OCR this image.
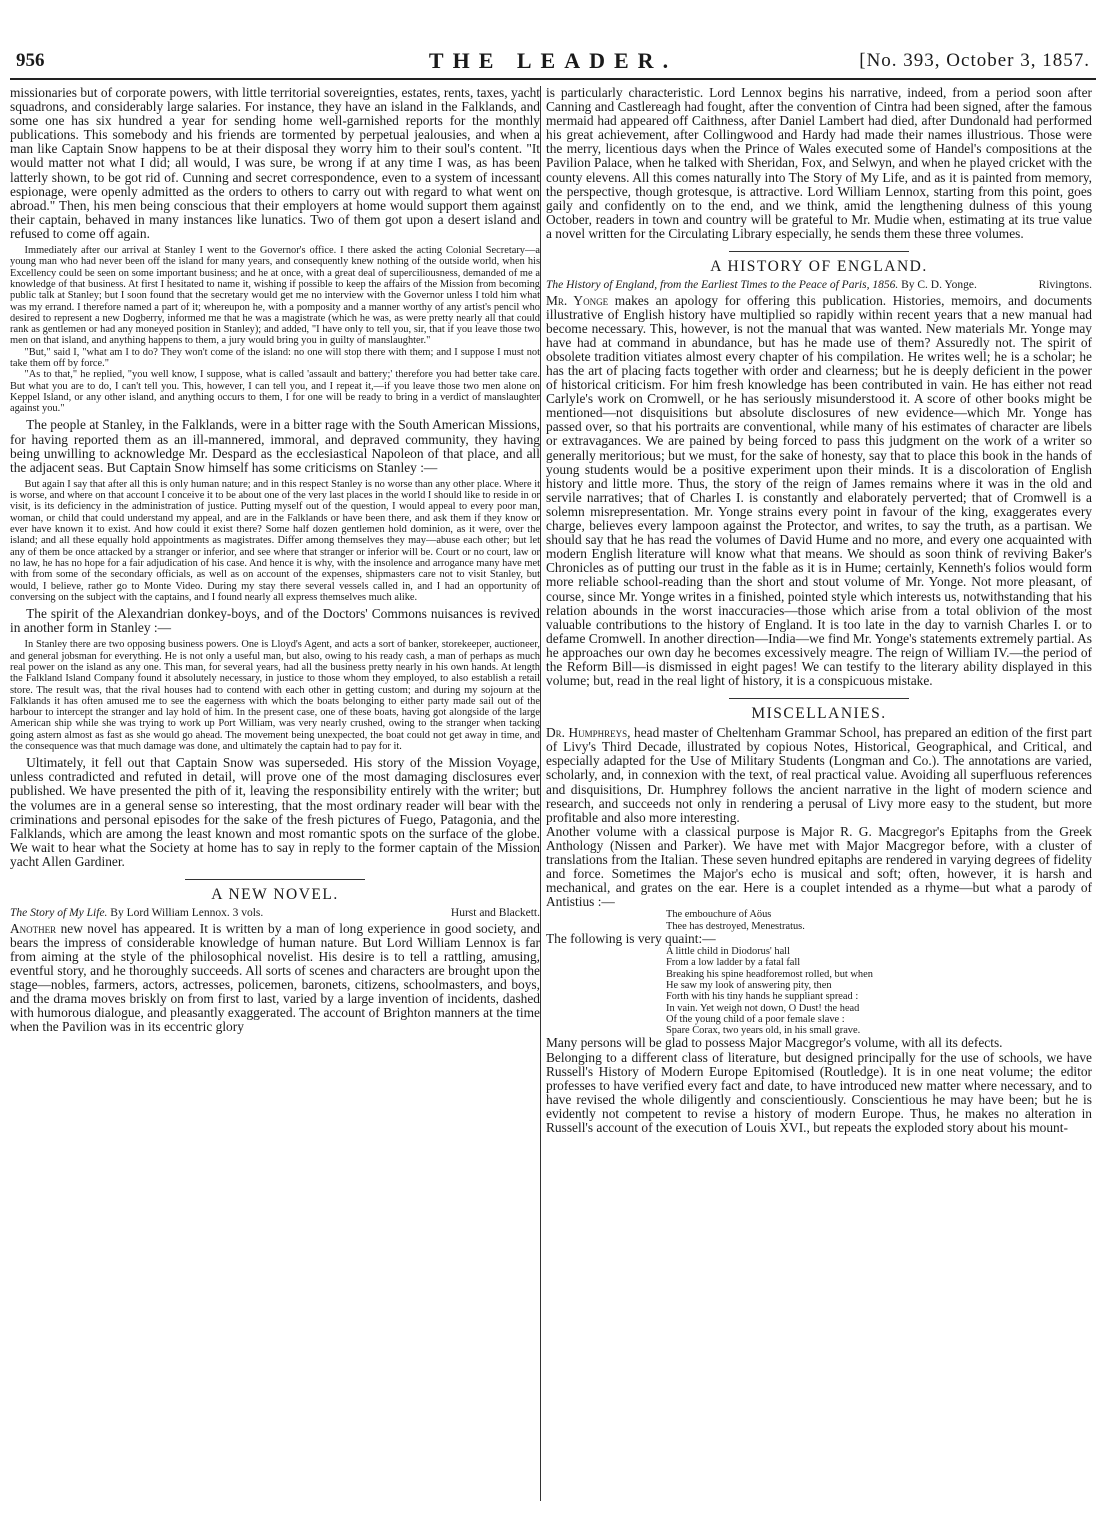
956	THE LEADER.	[No. 393, October 3, 1857.

missionaries but of corporate powers, with little territorial sovereignties, estates, rents, taxes, yacht squadrons, and considerably large salaries. For instance, they have an island in the Falklands, and some one has six hundred a year for sending home well-garnished reports for the monthly publications. This somebody and his friends are tormented by perpetual jealousies, and when a man like Captain Snow happens to be at their disposal they worry him to their soul's content. "It would matter not what I did; all would, I was sure, be wrong if at any time I was, as has been latterly shown, to be got rid of. Cunning and secret correspondence, even to a system of incessant espionage, were openly admitted as the orders to others to carry out with regard to what went on abroad." Then, his men being conscious that their employers at home would support them against their captain, behaved in many instances like lunatics. Two of them got upon a desert island and refused to come off again.

Immediately after our arrival at Stanley I went to the Governor's office. I there asked the acting Colonial Secretary—a young man who had never been off the island for many years, and consequently knew nothing of the outside world, when his Excellency could be seen on some important business; and he at once, with a great deal of superciliousness, demanded of me a knowledge of that business. At first I hesitated to name it, wishing if possible to keep the affairs of the Mission from becoming public talk at Stanley; but I soon found that the secretary would get me no interview with the Governor unless I told him what was my errand. I therefore named a part of it; whereupon he, with a pomposity and a manner worthy of any artist's pencil who desired to represent a new Dogberry, informed me that he was a magistrate (which he was, as were pretty nearly all that could rank as gentlemen or had any moneyed position in Stanley); and added, "I have only to tell you, sir, that if you leave those two men on that island, and anything happens to them, a jury would bring you in guilty of manslaughter."

"But," said I, "what am I to do? They won't come of the island: no one will stop there with them; and I suppose I must not take them off by force."

"As to that," he replied, "you well know, I suppose, what is called 'assault and battery;' therefore you had better take care. But what you are to do, I can't tell you. This, however, I can tell you, and I repeat it,—if you leave those two men alone on Keppel Island, or any other island, and anything occurs to them, I for one will be ready to bring in a verdict of manslaughter against you."

The people at Stanley, in the Falklands, were in a bitter rage with the South American Missions, for having reported them as an ill-mannered, immoral, and depraved community, they having being unwilling to acknowledge Mr. Despard as the ecclesiastical Napoleon of that place, and all the adjacent seas. But Captain Snow himself has some criticisms on Stanley :—

But again I say that after all this is only human nature; and in this respect Stanley is no worse than any other place. Where it is worse, and where on that account I conceive it to be about one of the very last places in the world I should like to reside in or visit, is its deficiency in the administration of justice. Putting myself out of the question, I would appeal to every poor man, woman, or child that could understand my appeal, and are in the Falklands or have been there, and ask them if they know or ever have known it to exist. And how could it exist there? Some half dozen gentlemen hold dominion, as it were, over the island; and all these equally hold appointments as magistrates. Differ among themselves they may—abuse each other; but let any of them be once attacked by a stranger or inferior, and see where that stranger or inferior will be. Court or no court, law or no law, he has no hope for a fair adjudication of his case. And hence it is why, with the insolence and arrogance many have met with from some of the secondary officials, as well as on account of the expenses, shipmasters care not to visit Stanley, but would, I believe, rather go to Monte Video. During my stay there several vessels called in, and I had an opportunity of conversing on the subject with the captains, and I found nearly all express themselves much alike.

The spirit of the Alexandrian donkey-boys, and of the Doctors' Commons nuisances is revived in another form in Stanley :—

In Stanley there are two opposing business powers. One is Lloyd's Agent, and acts a sort of banker, storekeeper, auctioneer, and general jobsman for everything. He is not only a useful man, but also, owing to his ready cash, a man of perhaps as much real power on the island as any one. This man, for several years, had all the business pretty nearly in his own hands. At length the Falkland Island Company found it absolutely necessary, in justice to those whom they employed, to also establish a retail store. The result was, that the rival houses had to contend with each other in getting custom; and during my sojourn at the Falklands it has often amused me to see the eagerness with which the boats belonging to either party made sail out of the harbour to intercept the stranger and lay hold of him. In the present case, one of these boats, having got alongside of the large American ship while she was trying to work up Port William, was very nearly crushed, owing to the stranger when tacking going astern almost as fast as she would go ahead. The movement being unexpected, the boat could not get away in time, and the consequence was that much damage was done, and ultimately the captain had to pay for it.

Ultimately, it fell out that Captain Snow was superseded. His story of the Mission Voyage, unless contradicted and refuted in detail, will prove one of the most damaging disclosures ever published. We have presented the pith of it, leaving the responsibility entirely with the writer; but the volumes are in a general sense so interesting, that the most ordinary reader will bear with the criminations and personal episodes for the sake of the fresh pictures of Fuego, Patagonia, and the Falklands, which are among the least known and most romantic spots on the surface of the globe. We wait to hear what the Society at home has to say in reply to the former captain of the Mission yacht Allen Gardiner.

A NEW NOVEL.
The Story of My Life. By Lord William Lennox. 3 vols.	Hurst and Blackett.

Another new novel has appeared. It is written by a man of long experience in good society, and bears the impress of considerable knowledge of human nature. But Lord William Lennox is far from aiming at the style of the philosophical novelist. His desire is to tell a rattling, amusing, eventful story, and he thoroughly succeeds. All sorts of scenes and characters are brought upon the stage—nobles, farmers, actors, actresses, policemen, baronets, citizens, schoolmasters, and boys, and the drama moves briskly on from first to last, varied by a large invention of incidents, dashed with humorous dialogue, and pleasantly exaggerated. The account of Brighton manners at the time when the Pavilion was in its eccentric glory

is particularly characteristic. Lord Lennox begins his narrative, indeed, from a period soon after Canning and Castlereagh had fought, after the convention of Cintra had been signed, after the famous mermaid had appeared off Caithness, after Daniel Lambert had died, after Dundonald had performed his great achievement, after Collingwood and Hardy had made their names illustrious. Those were the merry, licentious days when the Prince of Wales executed some of Handel's compositions at the Pavilion Palace, when he talked with Sheridan, Fox, and Selwyn, and when he played cricket with the county elevens. All this comes naturally into The Story of My Life, and as it is painted from memory, the perspective, though grotesque, is attractive. Lord William Lennox, starting from this point, goes gaily and confidently on to the end, and we think, amid the lengthening dulness of this young October, readers in town and country will be grateful to Mr. Mudie when, estimating at its true value a novel written for the Circulating Library especially, he sends them these three volumes.

A HISTORY OF ENGLAND.
The History of England, from the Earliest Times to the Peace of Paris, 1856. By C. D. Yonge.	Rivingtons.

Mr. Yonge makes an apology for offering this publication. Histories, memoirs, and documents illustrative of English history have multiplied so rapidly within recent years that a new manual had become necessary. This, however, is not the manual that was wanted. New materials Mr. Yonge may have had at command in abundance, but has he made use of them? Assuredly not. The spirit of obsolete tradition vitiates almost every chapter of his compilation. He writes well; he is a scholar; he has the art of placing facts together with order and clearness; but he is deeply deficient in the power of historical criticism. For him fresh knowledge has been contributed in vain. He has either not read Carlyle's work on Cromwell, or he has seriously misunderstood it. A score of other books might be mentioned—not disquisitions but absolute disclosures of new evidence—which Mr. Yonge has passed over, so that his portraits are conventional, while many of his estimates of character are libels or extravagances. We are pained by being forced to pass this judgment on the work of a writer so generally meritorious; but we must, for the sake of honesty, say that to place this book in the hands of young students would be a positive experiment upon their minds. It is a discoloration of English history and little more. Thus, the story of the reign of James remains where it was in the old and servile narratives; that of Charles I. is constantly and elaborately perverted; that of Cromwell is a solemn misrepresentation. Mr. Yonge strains every point in favour of the king, exaggerates every charge, believes every lampoon against the Protector, and writes, to say the truth, as a partisan. We should say that he has read the volumes of David Hume and no more, and every one acquainted with modern English literature will know what that means. We should as soon think of reviving Baker's Chronicles as of putting our trust in the fable as it is in Hume; certainly, Kenneth's folios would form more reliable school-reading than the short and stout volume of Mr. Yonge. Not more pleasant, of course, since Mr. Yonge writes in a finished, pointed style which interests us, notwithstanding that his relation abounds in the worst inaccuracies—those which arise from a total oblivion of the most valuable contributions to the history of England. It is too late in the day to varnish Charles I. or to defame Cromwell. In another direction—India—we find Mr. Yonge's statements extremely partial. As he approaches our own day he becomes excessively meagre. The reign of William IV.—the period of the Reform Bill—is dismissed in eight pages! We can testify to the literary ability displayed in this volume; but, read in the real light of history, it is a conspicuous mistake.

MISCELLANIES.

Dr. Humphreys, head master of Cheltenham Grammar School, has prepared an edition of the first part of Livy's Third Decade, illustrated by copious Notes, Historical, Geographical, and Critical, and especially adapted for the Use of Military Students (Longman and Co.). The annotations are varied, scholarly, and, in connexion with the text, of real practical value. Avoiding all superfluous references and disquisitions, Dr. Humphrey follows the ancient narrative in the light of modern science and research, and succeeds not only in rendering a perusal of Livy more easy to the student, but more profitable and also more interesting.

Another volume with a classical purpose is Major R. G. Macgregor's Epitaphs from the Greek Anthology (Nissen and Parker). We have met with Major Macgregor before, with a cluster of translations from the Italian. These seven hundred epitaphs are rendered in varying degrees of fidelity and force. Sometimes the Major's echo is musical and soft; often, however, it is harsh and mechanical, and grates on the ear. Here is a couplet intended as a rhyme—but what a parody of Antistius :—

The embouchure of Aöus
Thee has destroyed, Menestratus.

The following is very quaint:—

A little child in Diodorus' hall
From a low ladder by a fatal fall
Breaking his spine headforemost rolled, but when
He saw my look of answering pity, then
Forth with his tiny hands he suppliant spread :
In vain. Yet weigh not down, O Dust! the head
Of the young child of a poor female slave :
Spare Corax, two years old, in his small grave.

Many persons will be glad to possess Major Macgregor's volume, with all its defects.

Belonging to a different class of literature, but designed principally for the use of schools, we have Russell's History of Modern Europe Epitomised (Routledge). It is in one neat volume; the editor professes to have verified every fact and date, to have introduced new matter where necessary, and to have revised the whole diligently and conscientiously. Conscientious he may have been; but he is evidently not competent to revise a history of modern Europe. Thus, he makes no alteration in Russell's account of the execution of Louis XVI., but repeats the exploded story about his mount-
